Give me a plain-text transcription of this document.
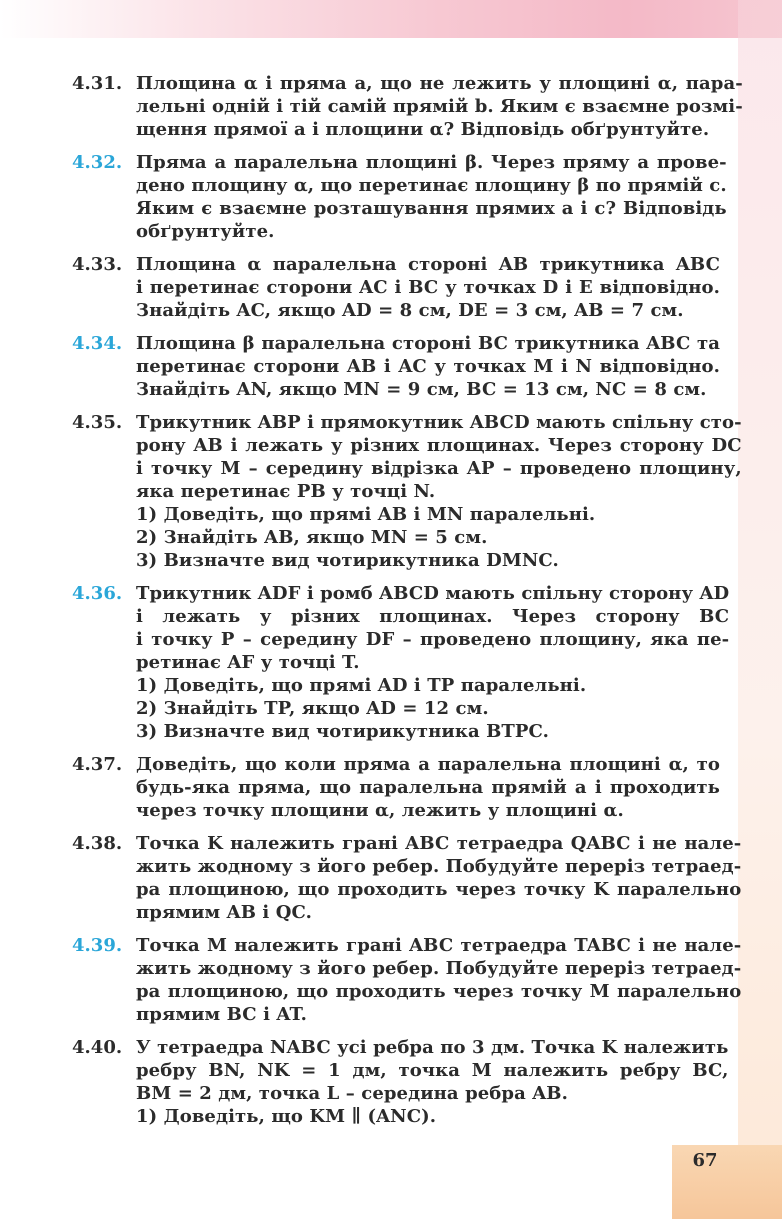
4.31. Площина α і пряма a, що не лежить у площині α, пара-
лельні одній і тій самій прямій b. Яким є взаємне розмі-
щення прямої a і площини α? Відповідь обґрунтуйте.
4.32. Пряма a паралельна площині β. Через пряму a прове-
дено площину α, що перетинає площину β по прямій c.
Яким є взаємне розташування прямих a і c? Відповідь
обґрунтуйте.
4.33. Площина α паралельна стороні AB трикутника ABC
і перетинає сторони AC і BC у точках D і E відповідно.
Знайдіть AC, якщо AD = 8 см, DE = 3 см, AB = 7 см.
4.34. Площина β паралельна стороні BC трикутника ABC та
перетинає сторони AB і AC у точках M і N відповідно.
Знайдіть AN, якщо MN = 9 см, BC = 13 см, NC = 8 см.
4.35. Трикутник ABP і прямокутник ABCD мають спільну сто-
рону AB і лежать у різних площинах. Через сторону DC
і точку M – середину відрізка AP – проведено площину,
яка перетинає PB у точці N.
1) Доведіть, що прямі AB і MN паралельні.
2) Знайдіть AB, якщо MN = 5 см.
3) Визначте вид чотирикутника DMNC.
4.36. Трикутник ADF і ромб ABCD мають спільну сторону AD
і лежать у різних площинах. Через сторону BC
і точку P – середину DF – проведено площину, яка пе-
ретинає AF у точці T.
1) Доведіть, що прямі AD і TP паралельні.
2) Знайдіть TP, якщо AD = 12 см.
3) Визначте вид чотирикутника BTPC.
4.37. Доведіть, що коли пряма a паралельна площині α, то
будь-яка пряма, що паралельна прямій a і проходить
через точку площини α, лежить у площині α.
4.38. Точка K належить грані ABC тетраедра QABC і не нале-
жить жодному з його ребер. Побудуйте переріз тетраед-
ра площиною, що проходить через точку K паралельно
прямим AB і QC.
4.39. Точка M належить грані ABC тетраедра TABC і не нале-
жить жодному з його ребер. Побудуйте переріз тетраед-
ра площиною, що проходить через точку M паралельно
прямим BC і AT.
4.40. У тетраедра NABC усі ребра по 3 дм. Точка K належить
ребру BN, NK = 1 дм, точка M належить ребру BC,
BM = 2 дм, точка L – середина ребра AB.
1) Доведіть, що KM ∥ (ANC).
67
